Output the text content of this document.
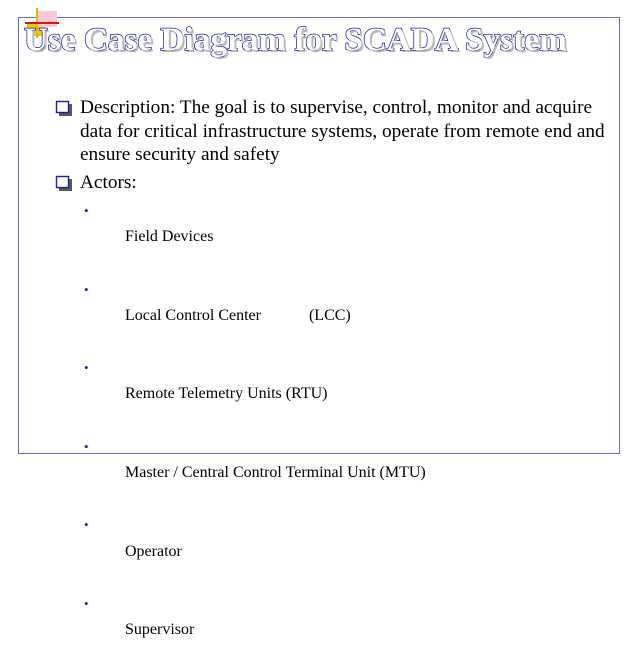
Use Case Diagram for SCADA System
Description: The goal is to supervise, control, monitor and acquire data for critical infrastructure systems, operate from remote end and ensure security and safety
Actors:

•
Field Devices

•
Local Control Center            (LCC)

•
Remote Telemetry Units (RTU)

•
Master / Central Control Terminal Unit (MTU)

•
Operator

•
Supervisor
